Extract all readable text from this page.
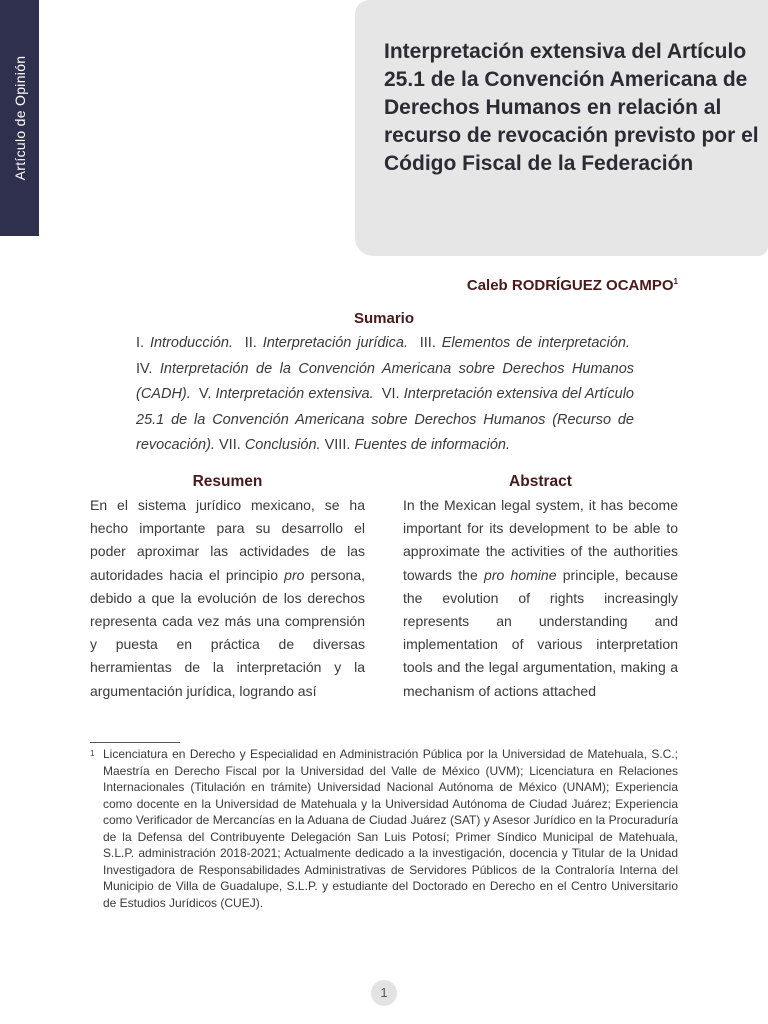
Artículo de Opinión
Interpretación extensiva del Artículo 25.1 de la Convención Americana de Derechos Humanos en relación al recurso de revocación previsto por el Código Fiscal de la Federación

Caleb RODRÍGUEZ OCAMPO$^1$

Sumario

I. Introducción. II. Interpretación jurídica. III. Elementos de interpretación.  IV. Interpretación de la Convención Americana sobre Derechos Humanos (CADH). V. Interpretación extensiva. VI. Interpretación extensiva del Artículo 25.1 de la Convención Americana sobre Derechos Humanos (Recurso de revocación). VII. Conclusión. VIII. Fuentes de información.

Resumen

En el sistema jurídico mexicano, se ha hecho importante para su desarrollo el poder aproximar las actividades de las autoridades hacia el principio pro persona, debido a que la evolución de los derechos representa cada vez más una comprensión y puesta en práctica de diversas herramientas de la interpretación y la argumentación jurídica, logrando así

Abstract

In the Mexican legal system, it has become important for its development to be able to approximate the activities of the authorities towards the pro homine principle, because the evolution of rights increasingly represents an understanding and implementation of various interpretation tools and the legal argumentation, making a mechanism of actions attached

1 Licenciatura en Derecho y Especialidad en Administración Pública por la Universidad de Matehuala, S.C.; Maestría en Derecho Fiscal por la Universidad del Valle de México (UVM); Licenciatura en Relaciones Internacionales (Titulación en trámite) Universidad Nacional Autónoma de México (UNAM); Experiencia como docente en la Universidad de Matehuala y la Universidad Autónoma de Ciudad Juárez; Experiencia como Verificador de Mercancías en la Aduana de Ciudad Juárez (SAT) y Asesor Jurídico en la Procuraduría de la Defensa del Contribuyente Delegación San Luis Potosí; Primer Síndico Municipal de Matehuala, S.L.P. administración 2018-2021; Actualmente dedicado a la investigación, docencia y Titular de la Unidad Investigadora de Responsabilidades Administrativas de Servidores Públicos de la Contraloría Interna del Municipio de Villa de Guadalupe, S.L.P. y estudiante del Doctorado en Derecho en el Centro Universitario de Estudios Jurídicos (CUEJ).

1
